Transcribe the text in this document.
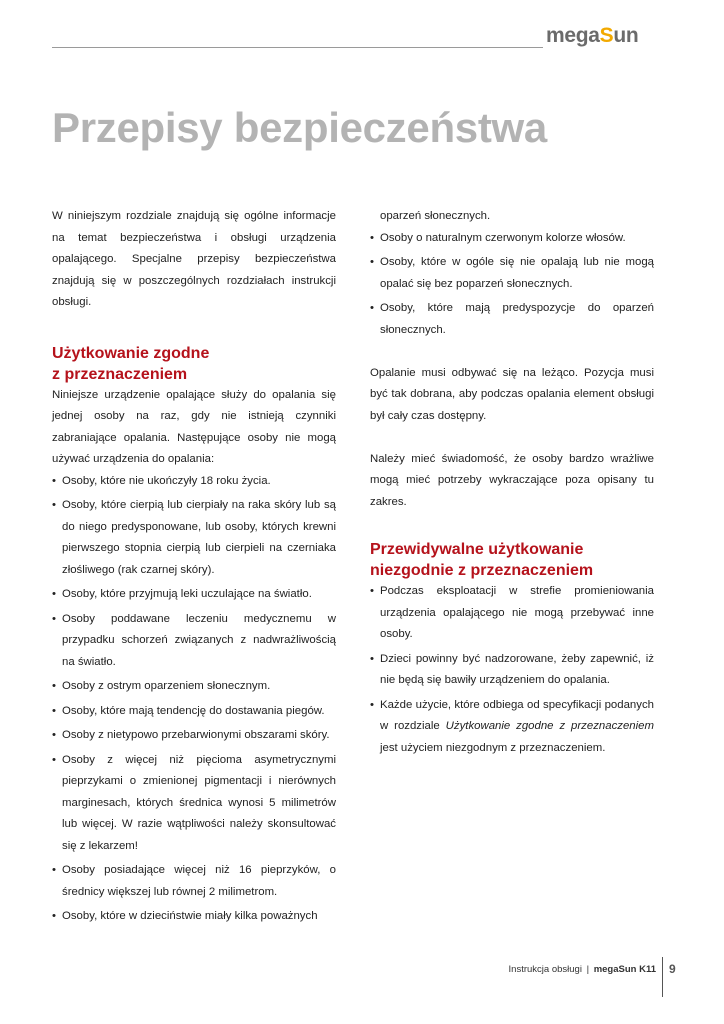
megaSun
Przepisy bezpieczeństwa

W niniejszym rozdziale znajdują się ogólne informacje na temat bezpieczeństwa i obsługi urządzenia opalającego. Specjalne przepisy bezpieczeństwa znajdują się w poszczególnych rozdziałach instrukcji obsługi.

Użytkowanie zgodne
z przeznaczeniem

Niniejsze urządzenie opalające służy do opalania się jednej osoby na raz, gdy nie istnieją czynniki zabraniające opalania. Następujące osoby nie mogą używać urządzenia do opalania:

• Osoby, które nie ukończyły 18 roku życia.
• Osoby, które cierpią lub cierpiały na raka skóry lub są do niego predysponowane, lub osoby, których krewni pierwszego stopnia cierpią lub cierpieli na czerniaka złośliwego (rak czarnej skóry).
• Osoby, które przyjmują leki uczulające na światło.
• Osoby poddawane leczeniu medycznemu w przypadku schorzeń związanych z nadwrażliwością na światło.
• Osoby z ostrym oparzeniem słonecznym.
• Osoby, które mają tendencję do dostawania piegów.
• Osoby z nietypowo przebarwionymi obszarami skóry.
• Osoby z więcej niż pięcioma asymetrycznymi pieprzykami o zmienionej pigmentacji i nierównych marginesach, których średnica wynosi 5 milimetrów lub więcej. W razie wątpliwości należy skonsultować się z lekarzem!
• Osoby posiadające więcej niż 16 pieprzyków, o średnicy większej lub równej 2 milimetrom.
• Osoby, które w dzieciństwie miały kilka poważnych
oparzeń słonecznych.
• Osoby o naturalnym czerwonym kolorze włosów.
• Osoby, które w ogóle się nie opalają lub nie mogą opalać się bez poparzeń słonecznych.
• Osoby, które mają predyspozycje do oparzeń słonecznych.

Opalanie musi odbywać się na leżąco. Pozycja musi być tak dobrana, aby podczas opalania element obsługi był cały czas dostępny.

Należy mieć świadomość, że osoby bardzo wrażliwe mogą mieć potrzeby wykraczające poza opisany tu zakres.

Przewidywalne użytkowanie
niezgodnie z przeznaczeniem
• Podczas eksploatacji w strefie promieniowania urządzenia opalającego nie mogą przebywać inne osoby.
• Dzieci powinny być nadzorowane, żeby zapewnić, iż nie będą się bawiły urządzeniem do opalania.
• Każde użycie, które odbiega od specyfikacji podanych w rozdziale Użytkowanie zgodne z przeznaczeniem jest użyciem niezgodnym z przeznaczeniem.
Instrukcja obsługi | megaSun K11 9
